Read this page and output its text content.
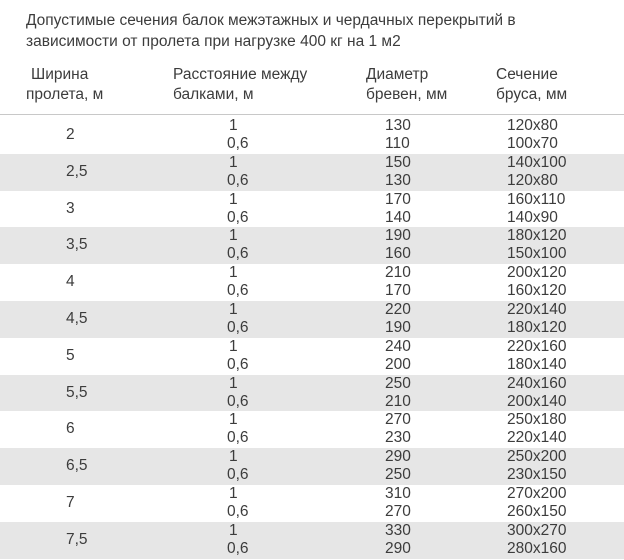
Допустимые сечения балок межэтажных и чердачных перекрытий в
зависимости от пролета при нагрузке 400 кг на 1 м2
Ширина
пролета, м
Расстояние между
балками, м
Диаметр
бревен, мм
Сечение
бруса, мм
2
1
0,6
130
110
120x80
100x70
2,5
1
0,6
150
130
140x100
120x80
3
1
0,6
170
140
160x110
140x90
3,5
1
0,6
190
160
180x120
150x100
4
1
0,6
210
170
200x120
160x120
4,5
1
0,6
220
190
220x140
180x120
5
1
0,6
240
200
220x160
180x140
5,5
1
0,6
250
210
240x160
200x140
6
1
0,6
270
230
250x180
220x140
6,5
1
0,6
290
250
250x200
230x150
7
1
0,6
310
270
270x200
260x150
7,5
1
0,6
330
290
300x270
280x160
